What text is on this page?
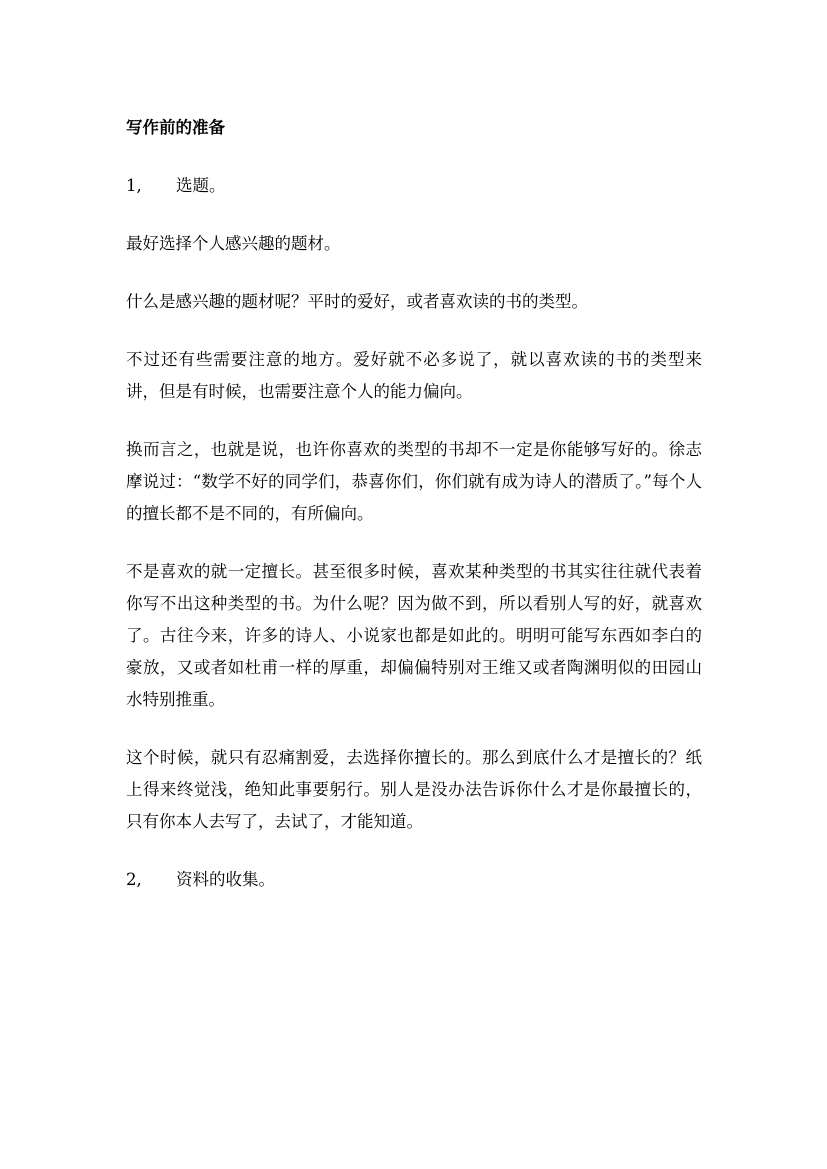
写作前的准备
1,	选题。

最好选择个人感兴趣的题材。

什么是感兴趣的题材呢？平时的爱好，或者喜欢读的书的类型。

不过还有些需要注意的地方。爱好就不必多说了，就以喜欢读的书的类型来讲，但是有时候，也需要注意个人的能力偏向。

换而言之，也就是说，也许你喜欢的类型的书却不一定是你能够写好的。徐志摩说过：“数学不好的同学们，恭喜你们，你们就有成为诗人的潜质了。”每个人的擅长都不是不同的，有所偏向。

不是喜欢的就一定擅长。甚至很多时候，喜欢某种类型的书其实往往就代表着你写不出这种类型的书。为什么呢？因为做不到，所以看别人写的好，就喜欢了。古往今来，许多的诗人、小说家也都是如此的。明明可能写东西如李白的豪放，又或者如杜甫一样的厚重，却偏偏特别对王维又或者陶渊明似的田园山水特别推重。

这个时候，就只有忍痛割爱，去选择你擅长的。那么到底什么才是擅长的？纸上得来终觉浅，绝知此事要躬行。别人是没办法告诉你什么才是你最擅长的，只有你本人去写了，去试了，才能知道。

2,	资料的收集。
